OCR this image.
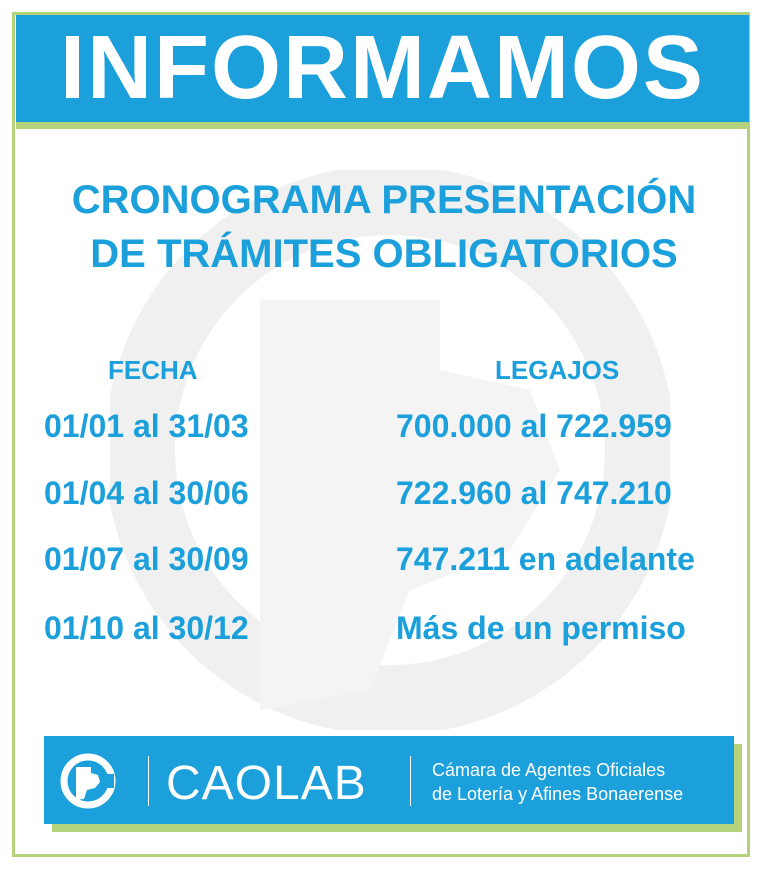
INFORMAMOS
CRONOGRAMA PRESENTACIÓN
DE TRÁMITES OBLIGATORIOS
FECHA	LEGAJOS
01/01 al 31/03	700.000 al 722.959
01/04 al 30/06	722.960 al 747.210
01/07 al 30/09	747.211 en adelante
01/10 al 30/12	Más de un permiso
CAOLAB	Cámara de Agentes Oficiales
de Lotería y Afines Bonaerense
